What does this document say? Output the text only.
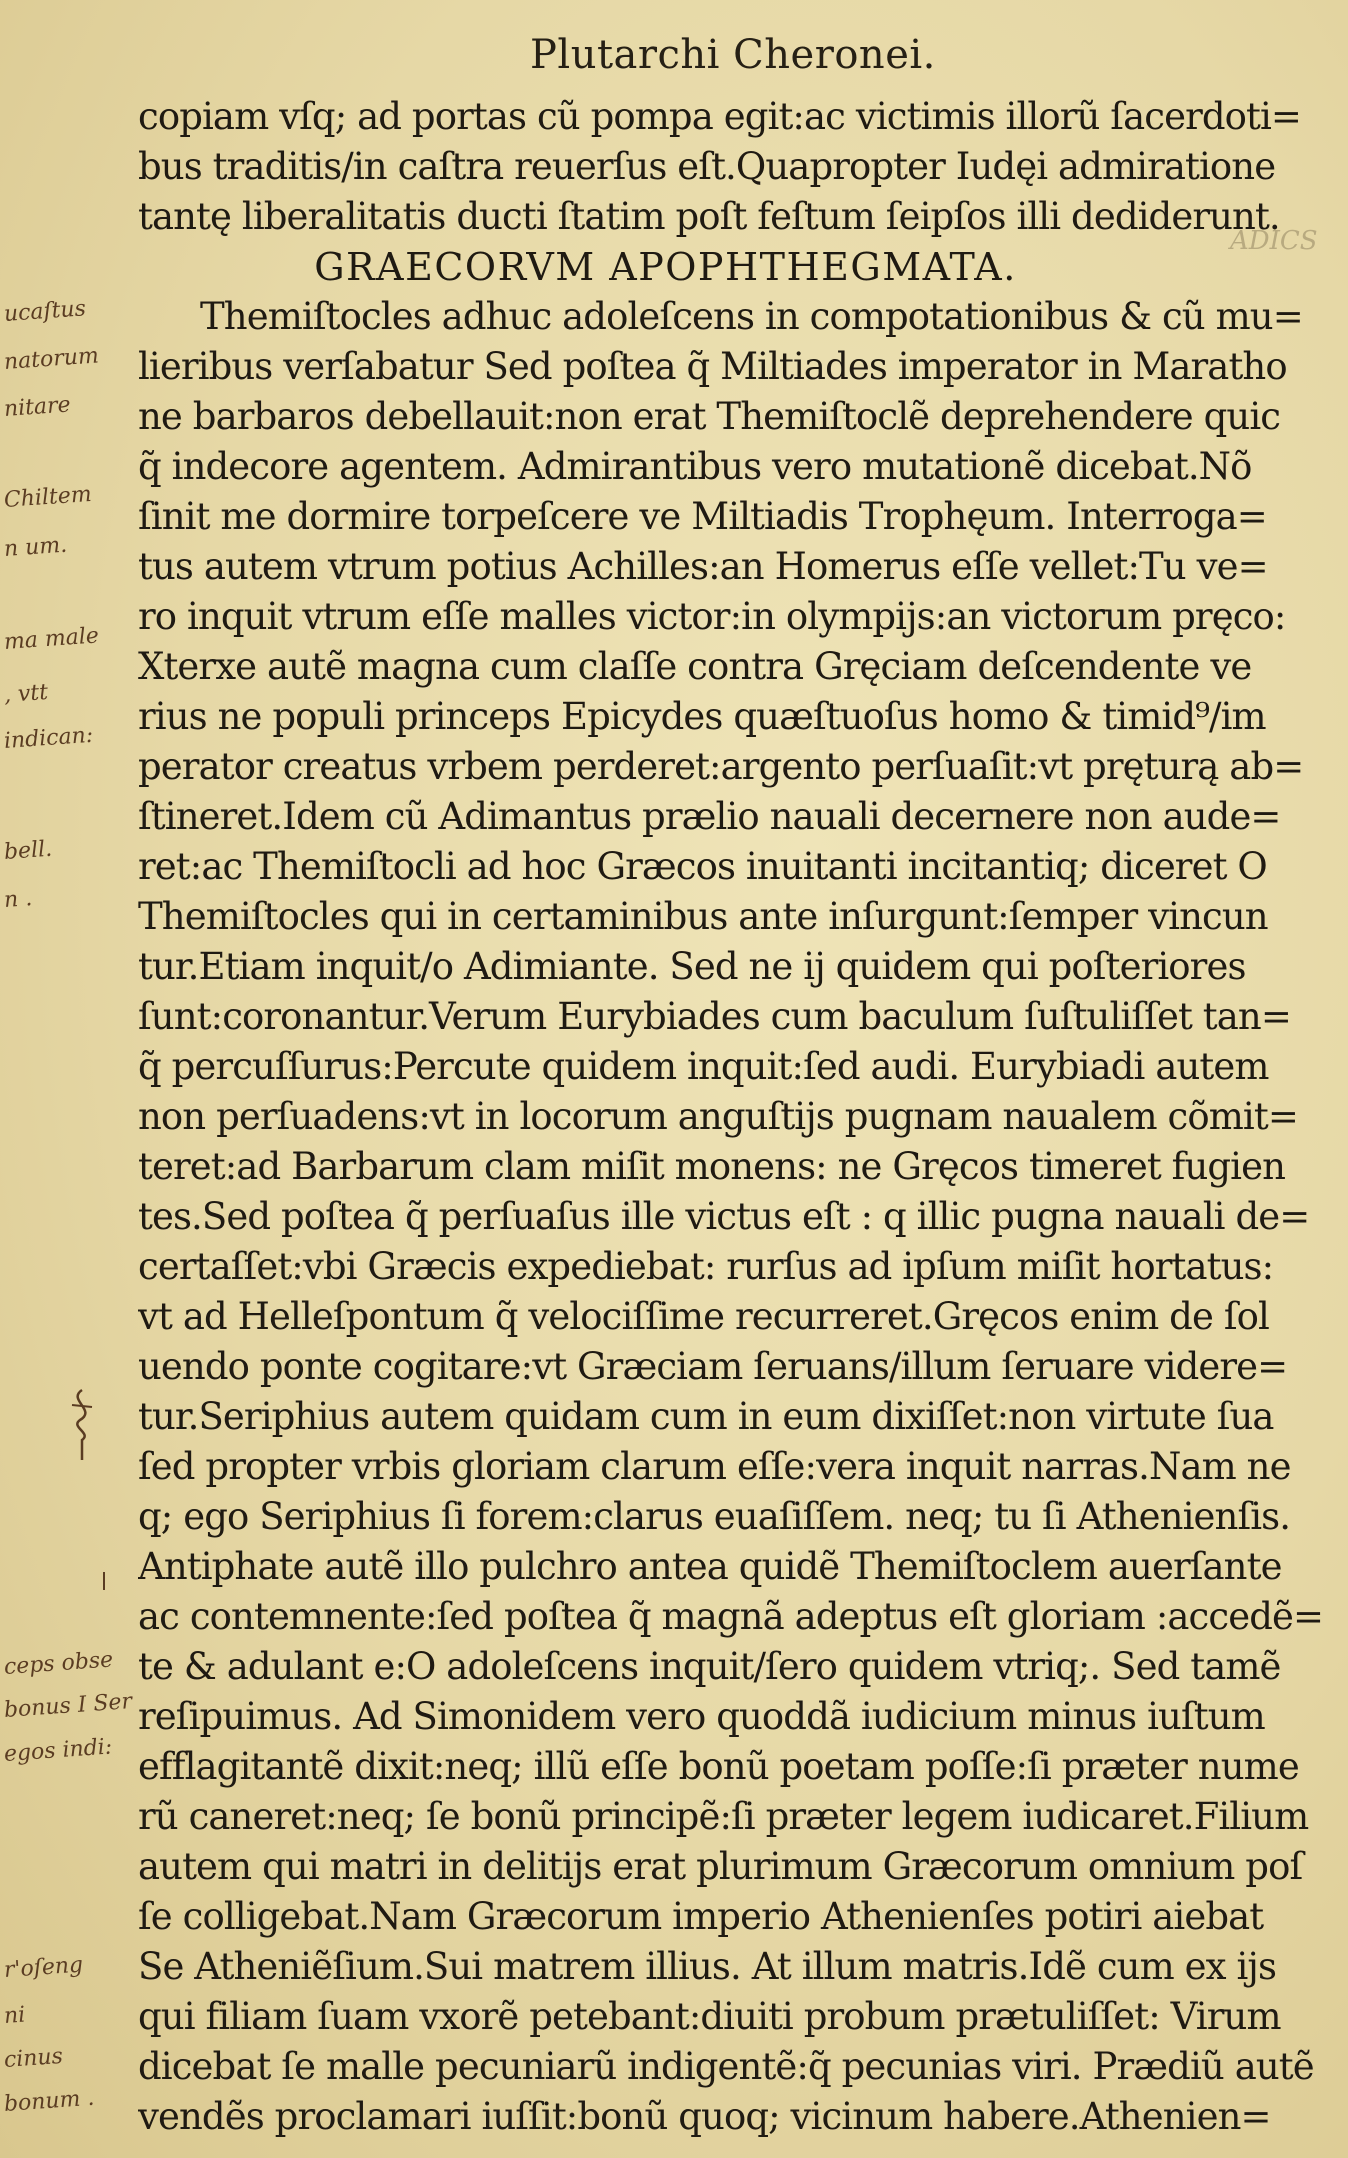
ucaſtus
natorum
nitare
Chiltem
n um.
ma male
, vtt
indican:
bell.
n .
ceps obse
bonus I Ser
egos indi:
r'oſeng
ni
cinus
bonum .
Plutarchi Cheronei.
ADICS
copiam vſq; ad portas cũ pompa egit:ac victimis illorũ ſacerdoti=
bus traditis/in caſtra reuerſus eſt.Quapropter Iudęi admiratione
tantę liberalitatis ducti ſtatim poſt feſtum ſeipſos illi dediderunt.
GRAECORVM APOPHTHEGMATA.
Themiſtocles adhuc adoleſcens in compotationibus & cũ mu=
lieribus verſabatur Sed poſtea q̃ Miltiades imperator in Maratho
ne barbaros debellauit:non erat Themiſtoclẽ deprehendere quic
q̃ indecore agentem. Admirantibus vero mutationẽ dicebat.Nõ
ſinit me dormire torpeſcere ve Miltiadis Trophęum. Interroga=
tus autem vtrum potius Achilles:an Homerus eſſe vellet:Tu ve=
ro inquit vtrum eſſe malles victor:in olympijs:an victorum pręco:
Xterxe autẽ magna cum claſſe contra Gręciam deſcendente ve
rius ne populi princeps Epicydes quæſtuoſus homo & timid⁹/im
perator creatus vrbem perderet:argento perſuaſit:vt pręturą ab=
ſtineret.Idem cũ Adimantus prælio nauali decernere non aude=
ret:ac Themiſtocli ad hoc Græcos inuitanti incitantiq; diceret O
Themiſtocles qui in certaminibus ante inſurgunt:ſemper vincun
tur.Etiam inquit/o Adimiante. Sed ne ij quidem qui poſteriores
ſunt:coronantur.Verum Eurybiades cum baculum ſuſtuliſſet tan=
q̃ percuſſurus:Percute quidem inquit:ſed audi. Eurybiadi autem
non perſuadens:vt in locorum anguſtijs pugnam naualem cõmit=
teret:ad Barbarum clam miſit monens: ne Gręcos timeret fugien
tes.Sed poſtea q̃ perſuaſus ille victus eſt : q illic pugna nauali de=
certaſſet:vbi Græcis expediebat: rurſus ad ipſum miſit hortatus:
vt ad Helleſpontum q̃ velociſſime recurreret.Gręcos enim de ſol
uendo ponte cogitare:vt Græciam ſeruans/illum ſeruare videre=
tur.Seriphius autem quidam cum in eum dixiſſet:non virtute ſua
ſed propter vrbis gloriam clarum eſſe:vera inquit narras.Nam ne
q; ego Seriphius ſi forem:clarus euaſiſſem. neq; tu ſi Athenienſis.
Antiphate autẽ illo pulchro antea quidẽ Themiſtoclem auerſante
ac contemnente:ſed poſtea q̃ magnã adeptus eſt gloriam :accedẽ=
te & adulant e:O adoleſcens inquit/ſero quidem vtriq;. Sed tamẽ
reſipuimus. Ad Simonidem vero quoddã iudicium minus iuſtum
efflagitantẽ dixit:neq; illũ eſſe bonũ poetam poſſe:ſi præter nume
rũ caneret:neq; ſe bonũ principẽ:ſi præter legem iudicaret.Filium
autem qui matri in delitijs erat plurimum Græcorum omnium poſ
ſe colligebat.Nam Græcorum imperio Athenienſes potiri aiebat
Se Atheniẽſium.Sui matrem illius. At illum matris.Idẽ cum ex ijs
qui filiam ſuam vxorẽ petebant:diuiti probum prætuliſſet: Virum
dicebat ſe malle pecuniarũ indigentẽ:q̃ pecunias viri. Prædiũ autẽ
vendẽs proclamari iuſſit:bonũ quoq; vicinum habere.Athenien=
